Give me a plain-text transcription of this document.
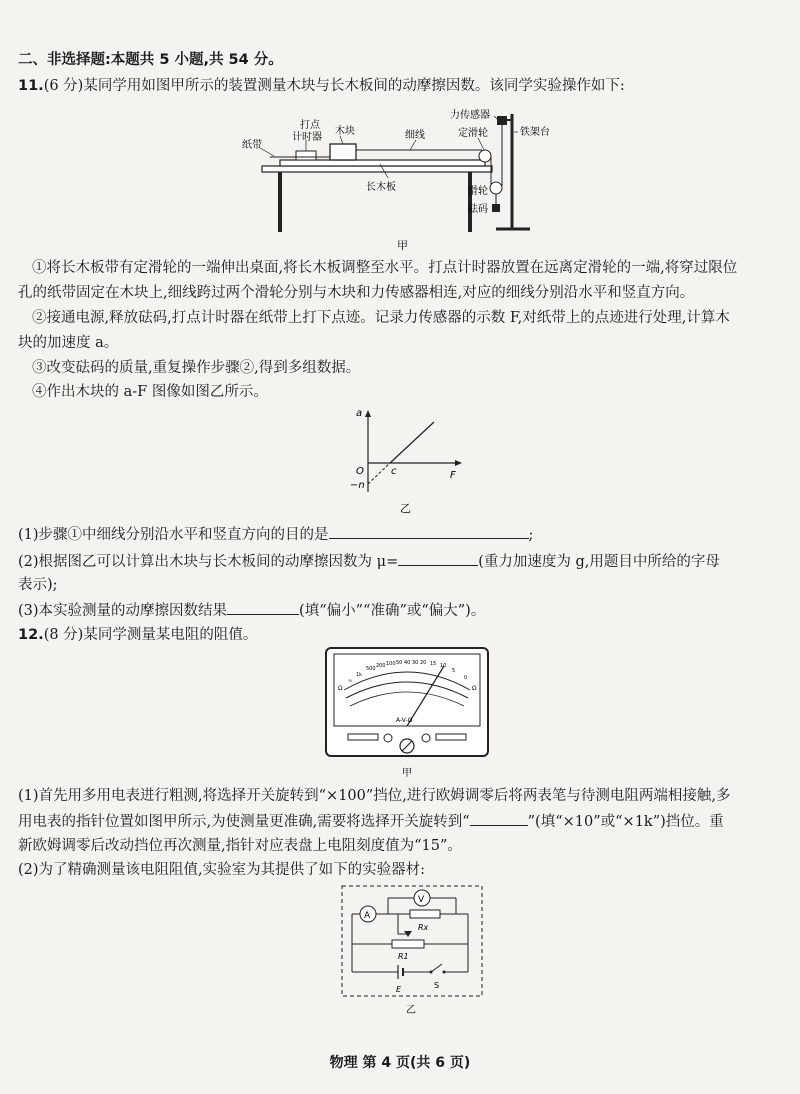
二、非选择题:本题共 5 小题,共 54 分。
11.(6 分)某同学用如图甲所示的装置测量木块与长木板间的动摩擦因数。该同学实验操作如下:
打点
计时器
纸带
木块	细线
力传感器
定滑轮	铁架台
长木板	滑轮
砝码
甲
①将长木板带有定滑轮的一端伸出桌面,将长木板调整至水平。打点计时器放置在远离定滑轮的一端,将穿过限位
孔的纸带固定在木块上,细线跨过两个滑轮分别与木块和力传感器相连,对应的细线分别沿水平和竖直方向。
②接通电源,释放砝码,打点计时器在纸带上打下点迹。记录力传感器的示数 F,对纸带上的点迹进行处理,计算木
块的加速度 a。
③改变砝码的质量,重复操作步骤②,得到多组数据。
④作出木块的 a-F 图像如图乙所示。
a
F
O	c
−n
乙
(1)步骤①中细线分别沿水平和竖直方向的目的是	;
(2)根据图乙可以计算出木块与长木板间的动摩擦因数为 μ=	(重力加速度为 g,用题目中所给的字母
表示);
(3)本实验测量的动摩擦因数结果	(填“偏小”“准确”或“偏大”)。
12.(8 分)某同学测量某电阻的阻值。
∞
1k
500 200 100 50 40 30 20 15 10
5
0
Ω	Ω
A-V-Ω
甲
(1)首先用多用电表进行粗测,将选择开关旋转到“×100”挡位,进行欧姆调零后将两表笔与待测电阻两端相接触,多
用电表的指针位置如图甲所示,为使测量更准确,需要将选择开关旋转到“	”(填“×10”或“×1k”)挡位。重
新欧姆调零后改动挡位再次测量,指针对应表盘上电阻刻度值为“15”。
(2)为了精确测量该电阻阻值,实验室为其提供了如下的实验器材:
V
A
Rx
R1
E	S
乙
物理 第 4 页(共 6 页)
